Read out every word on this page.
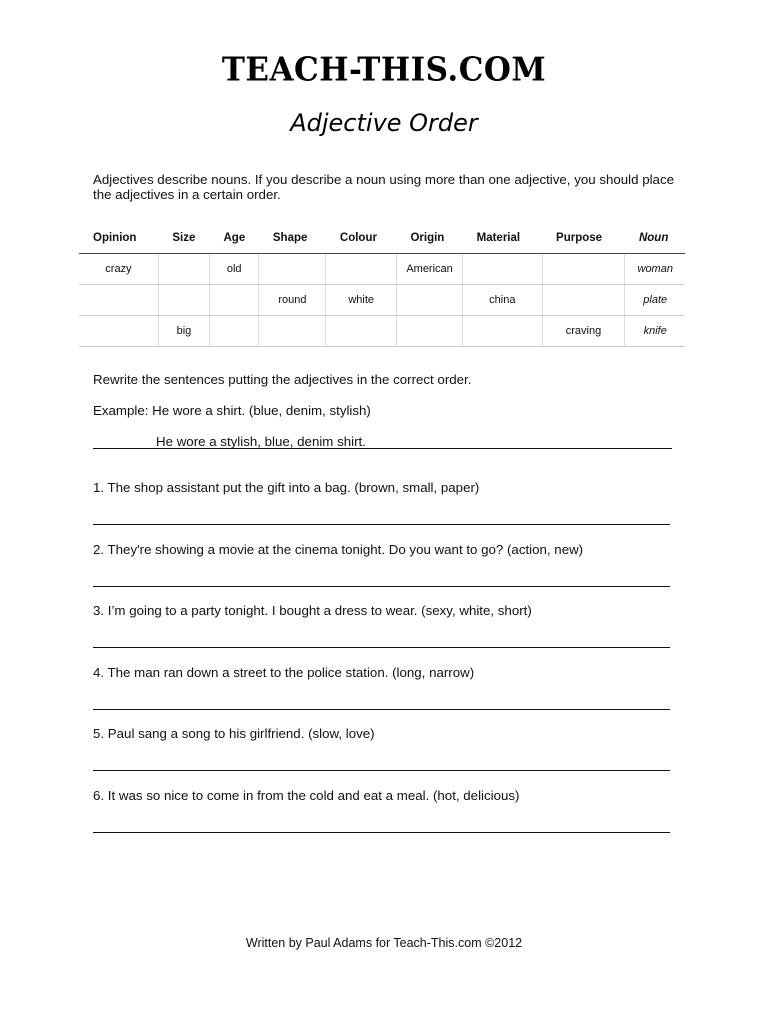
TEACH-THIS.COM
Adjective Order
Adjectives describe nouns. If you describe a noun using more than one adjective, you should place the adjectives in a certain order.
Opinion	Size	Age	Shape	Colour	Origin	Material	Purpose	Noun
crazy		old			American			woman
			round	white		china		plate
	big						craving	knife
Rewrite the sentences putting the adjectives in the correct order.
Example: He wore a shirt. (blue, denim, stylish)
He wore a stylish, blue, denim shirt.
1. The shop assistant put the gift into a bag. (brown, small, paper)
2. They're showing a movie at the cinema tonight. Do you want to go? (action, new)
3. I’m going to a party tonight. I bought a dress to wear. (sexy, white, short)
4. The man ran down a street to the police station. (long, narrow)
5. Paul sang a song to his girlfriend. (slow, love)
6. It was so nice to come in from the cold and eat a meal. (hot, delicious)
Written by Paul Adams for Teach-This.com ©2012
